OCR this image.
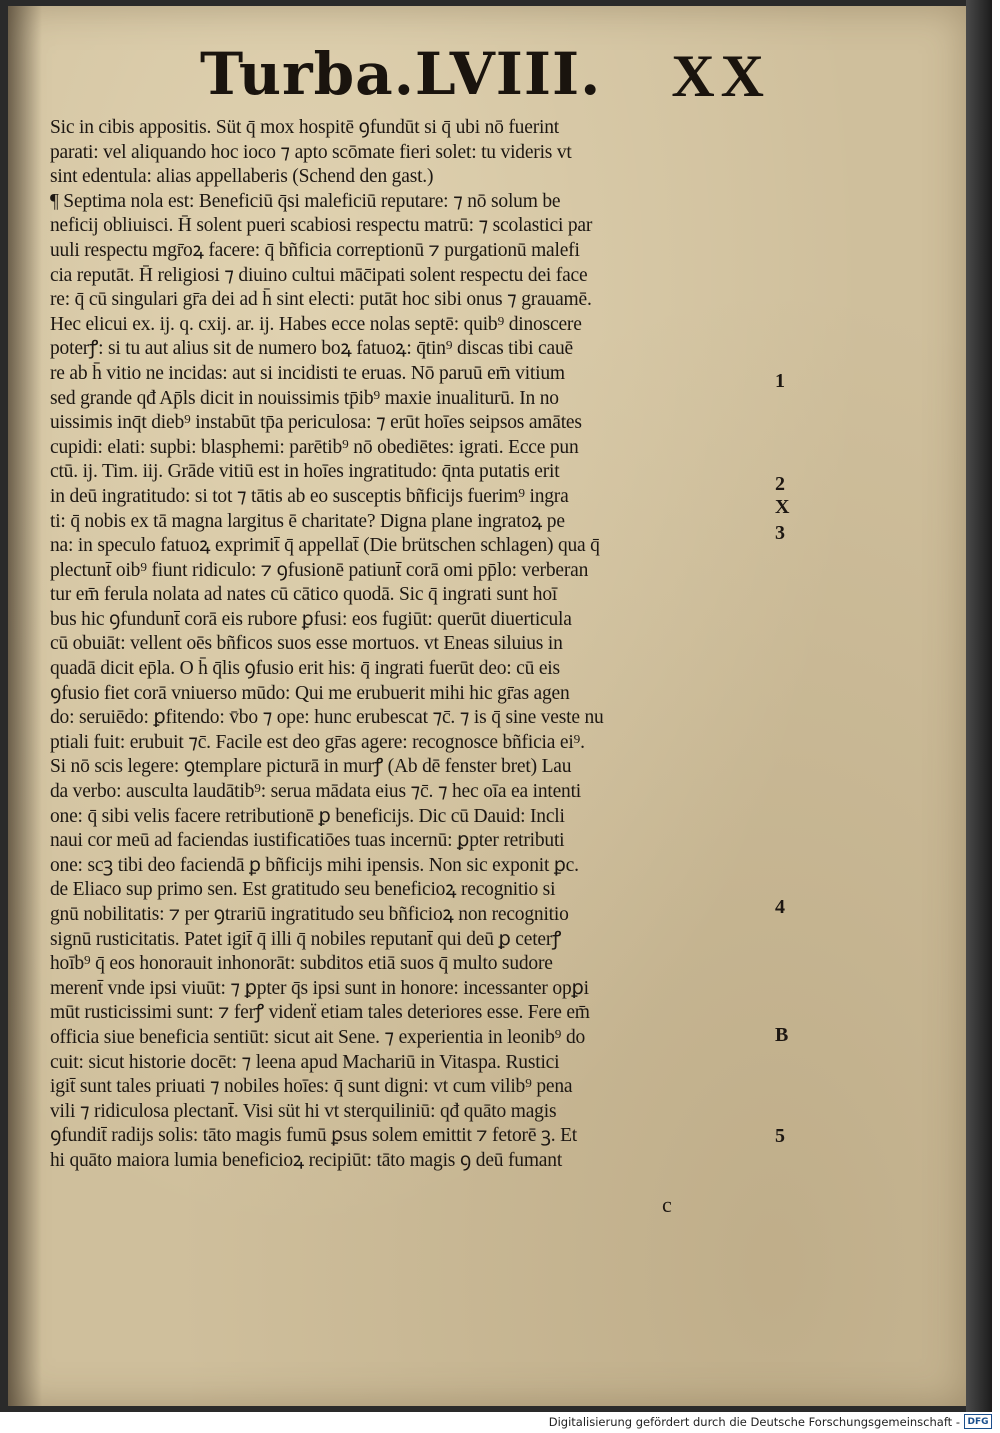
Turba.LVIII. XX
Sic in cibis appositis. Süt q̄ mox hospitē ꝯfundūt si q̄ ubi nō fuerint
parati: vel aliquando hoc ioco ⁊ apto scōmate fieri solet: tu videris vt
sint edentula: alias appellaberis (Schend den gast.)
¶ Septima nola est: Beneficiū q̄si maleficiū reputare: ⁊ nō solum be
neficij obliuisci. H̄ solent pueri scabiosi respectu matrū: ⁊ scolastici par
uuli respectu mgr̄oꝝ facere: q̄ bñficia correptionū ⁊ purgationū malefi
cia reputāt. H̄ religiosi ⁊ diuino cultui māc̄ipati solent respectu dei face
re: q̄ cū singulari gr̄a dei ad h̄ sint electi: putāt hoc sibi onus ⁊ grauamē.
Hec elicui ex. ij. q. cxij. ar. ij. Habes ecce nolas septē: quib⁹ dinoscere
poterꝭ: si tu aut alius sit de numero boꝝ fatuoꝝ: q̄tin⁹ discas tibi cauē
re ab h̄ vitio ne incidas: aut si incidisti te eruas. Nō paruū em̄ vitium
sed grande qđ Ap̄ls dicit in nouissimis tp̄ib⁹ maxie inualiturū. In no
uissimis inq̄t dieb⁹ instabūt tp̄a periculosa: ⁊ erūt hoīes seipsos amātes
cupidi: elati: supbi: blasphemi: parētib⁹ nō obediētes: igrati. Ecce pun
ctū. ij. Tim. iij. Grāde vitiū est in hoīes ingratitudo: q̄nta putatis erit
in deū ingratitudo: si tot ⁊ tātis ab eo susceptis bñficijs fuerim⁹ ingra
ti: q̄ nobis ex tā magna largitus ē charitate? Digna plane ingratoꝝ pe
na: in speculo fatuoꝝ exprimit̄ q̄ appellat̄ (Die brütschen schlagen) qua q̄
plectunt̄ oib⁹ fiunt ridiculo: ⁊ ꝯfusionē patiunt̄ corā omi pp̄lo: verberan
tur em̄ ferula nolata ad nates cū cātico quodā. Sic q̄ ingrati sunt hoī
bus hic ꝯfundunt̄ corā eis rubore ꝑfusi: eos fugiūt: querūt diuerticula
cū obuiāt: vellent oēs bñficos suos esse mortuos. vt Eneas siluius in
quadā dicit ep̄la. O h̄ q̄lis ꝯfusio erit his: q̄ ingrati fuerūt deo: cū eis
ꝯfusio fiet corā vniuerso mūdo: Qui me erubuerit mihi hic gr̄as agen
do: seruiēdo: ꝑfitendo: v̄bo ⁊ ope: hunc erubescat ⁊c̄. ⁊ is q̄ sine veste nu
ptiali fuit: erubuit ⁊c̄. Facile est deo gr̄as agere: recognosce bñficia ei⁹.
Si nō scis legere: ꝯtemplare picturā in murꝭ (Ab dē fenster bret) Lau
da verbo: ausculta laudātib⁹: serua mādata eius ⁊c̄. ⁊ hec oīa ea intenti
one: q̄ sibi velis facere retributionē ꝑ beneficijs. Dic cū Dauid: Incli
naui cor meū ad faciendas iustificatiōes tuas incernū: ꝑpter retributi
one: scꝫ tibi deo faciendā ꝑ bñficijs mihi ipensis. Non sic exponit ꝑc.
de Eliaco sup primo sen. Est gratitudo seu beneficioꝝ recognitio si
gnū nobilitatis: ⁊ per ꝯtrariū ingratitudo seu bñficioꝝ non recognitio
signū rusticitatis. Patet igit̄ q̄ illi q̄ nobiles reputant̄ qui deū ꝑ ceterꝭ
hoīb⁹ q̄ eos honorauit inhonorāt: subditos etiā suos q̄ multo sudore
merent̄ vnde ipsi viuūt: ⁊ ꝑpter q̄s ipsi sunt in honore: incessanter opꝑi
mūt rusticissimi sunt: ⁊ ferꝭ videnẗ etiam tales deteriores esse. Fere em̄
officia siue beneficia sentiūt: sicut ait Sene. ⁊ experientia in leonib⁹ do
cuit: sicut historie docēt: ⁊ leena apud Machariū in Vitaspa. Rustici
igit̄ sunt tales priuati ⁊ nobiles hoīes: q̄ sunt digni: vt cum vilib⁹ pena
vili ⁊ ridiculosa plectant̄. Visi süt hi vt sterquiliniū: qđ quāto magis
ꝯfundit̄ radijs solis: tāto magis fumū ꝑsus solem emittit ⁊ fetorē ꝫ. Et
hi quāto maiora lumia beneficioꝝ recipiūt: tāto magis ꝯ deū fumant
1
2
X
3
4
B
5
c
Digitalisierung gefördert durch die Deutsche Forschungsgemeinschaft - DFG
